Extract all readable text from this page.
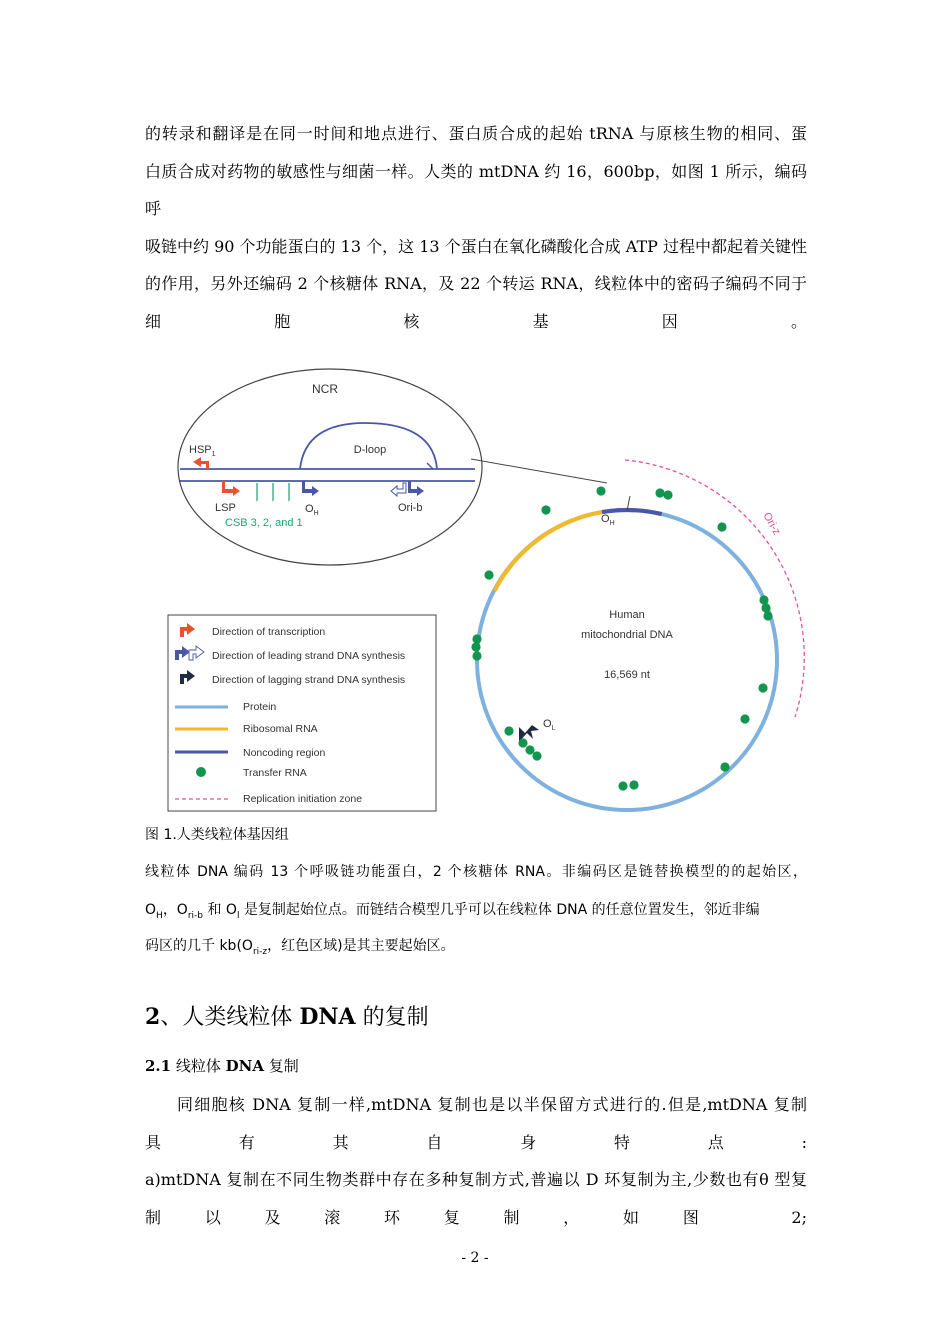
的转录和翻译是在同一时间和地点进行、蛋白质合成的起始 tRNA 与原核生物的相同、蛋
白质合成对药物的敏感性与细菌一样。人类的 mtDNA 约 16，600bp，如图 1 所示，编码呼
吸链中约 90 个功能蛋白的 13 个，这 13 个蛋白在氧化磷酸化合成 ATP 过程中都起着关键性
的作用，另外还编码 2 个核糖体 RNA，及 22 个转运 RNA，线粒体中的密码子编码不同于
细胞核基因。
NCR
D-loop
$HSP_1$
LSP
CSB 3, 2, and 1
$O_H$	Ori-b
Ori-z
$O_H$
$O_L$
Human
mitochondrial DNA
16,569 nt
Direction of transcription
Direction of leading strand DNA synthesis
Direction of lagging strand DNA synthesis
Protein
Ribosomal RNA
Noncoding region
Transfer RNA
Replication initiation zone
图 1.人类线粒体基因组
线粒体 DNA 编码 13 个呼吸链功能蛋白，2 个核糖体 RNA。非编码区是链替换模型的的起始区，
$O_H$，$O_{ri-b}$ 和 $O_l$ 是复制起始位点。而链结合模型几乎可以在线粒体 DNA 的任意位置发生，邻近非编
码区的几千 $kb(O_{ri-z}$，红色区域)是其主要起始区。
2、人类线粒体 DNA 的复制
2.1 线粒体 DNA 复制
同细胞核 DNA 复制一样,mtDNA 复制也是以半保留方式进行的.但是,mtDNA 复制
具有其自身特点:
a)mtDNA 复制在不同生物类群中存在多种复制方式,普遍以 D 环复制为主,少数也有θ 型复
制以及滚环复制，如图 2;
- 2 -
